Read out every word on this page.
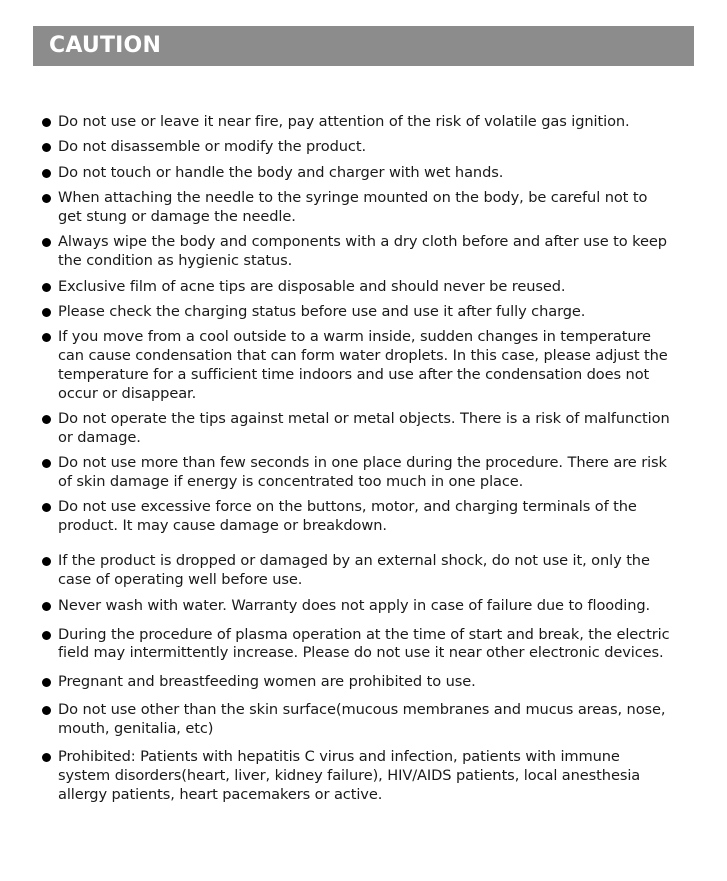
CAUTION
Do not use or leave it near fire, pay attention of the risk of volatile gas ignition.
Do not disassemble or modify the product.
Do not touch or handle the body and charger with wet hands.
When attaching the needle to the syringe mounted on the body, be careful not to get stung or damage the needle.
Always wipe the body and components with a dry cloth before and after use to keep the condition as hygienic status.
Exclusive film of acne tips are disposable and should never be reused.
Please check the charging status before use and use it after fully charge.
If you move from a cool outside to a warm inside, sudden changes in temperature can cause condensation that can form water droplets. In this case, please adjust the temperature for a sufficient time indoors and use after the condensation does not occur or disappear.
Do not operate the tips against metal or metal objects. There is a risk of malfunction or damage.
Do not use more than few seconds in one place during the procedure. There are risk of skin damage if energy is concentrated too much in one place.
Do not use excessive force on the buttons, motor, and charging terminals of the product. It may cause damage or breakdown.
If the product is dropped or damaged by an external shock, do not use it, only the case of operating well before use.
Never wash with water. Warranty does not apply in case of failure due to flooding.
During the procedure of plasma operation at the time of start and break, the electric field may intermittently increase. Please do not use it near other electronic devices.
Pregnant and breastfeeding women are prohibited to use.
Do not use other than the skin surface(mucous membranes and mucus areas, nose, mouth, genitalia, etc)
Prohibited: Patients with hepatitis C virus and infection, patients with immune system disorders(heart, liver, kidney failure), HIV/AIDS patients, local anesthesia allergy patients, heart pacemakers or active.
